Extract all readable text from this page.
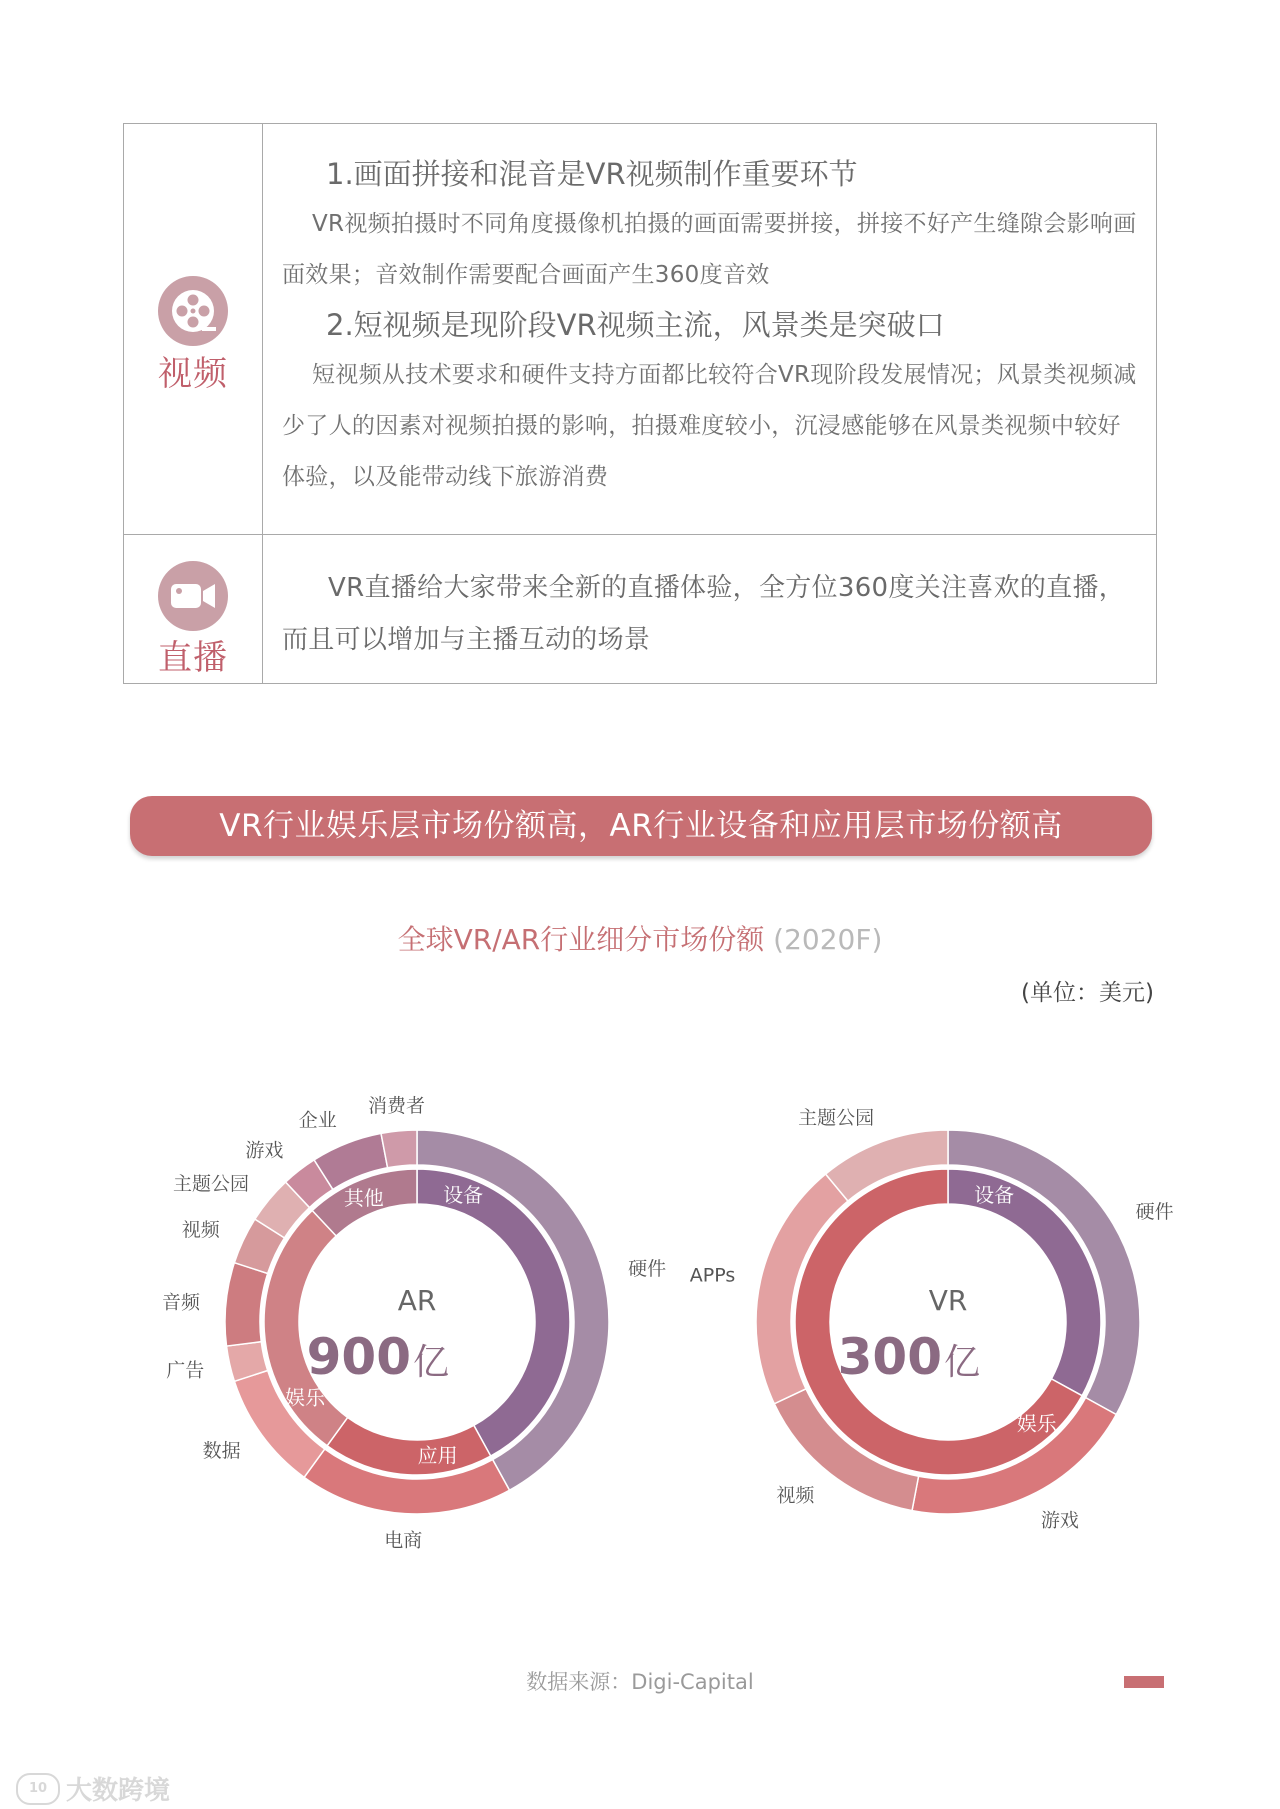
视频
1.画面拼接和混音是VR视频制作重要环节
VR视频拍摄时不同角度摄像机拍摄的画面需要拼接，拼接不好产生缝隙会影响画面效果；音效制作需要配合画面产生360度音效
2.短视频是现阶段VR视频主流，风景类是突破口
短视频从技术要求和硬件支持方面都比较符合VR现阶段发展情况；风景类视频减少了人的因素对视频拍摄的影响，拍摄难度较小，沉浸感能够在风景类视频中较好体验，以及能带动线下旅游消费
直播
VR直播给大家带来全新的直播体验，全方位360度关注喜欢的直播，而且可以增加与主播互动的场景
VR行业娱乐层市场份额高，AR行业设备和应用层市场份额高
全球VR/AR行业细分市场份额 (2020F)
(单位：美元)
硬件
电商
数据
广告
音频
视频
主题公园
游戏
企业
消费者
设备
应用
娱乐
其他
AR
900 亿
硬件
游戏
视频
APPs
主题公园
设备
娱乐
VR
300 亿
数据来源：Digi-Capital
10 大数跨境
